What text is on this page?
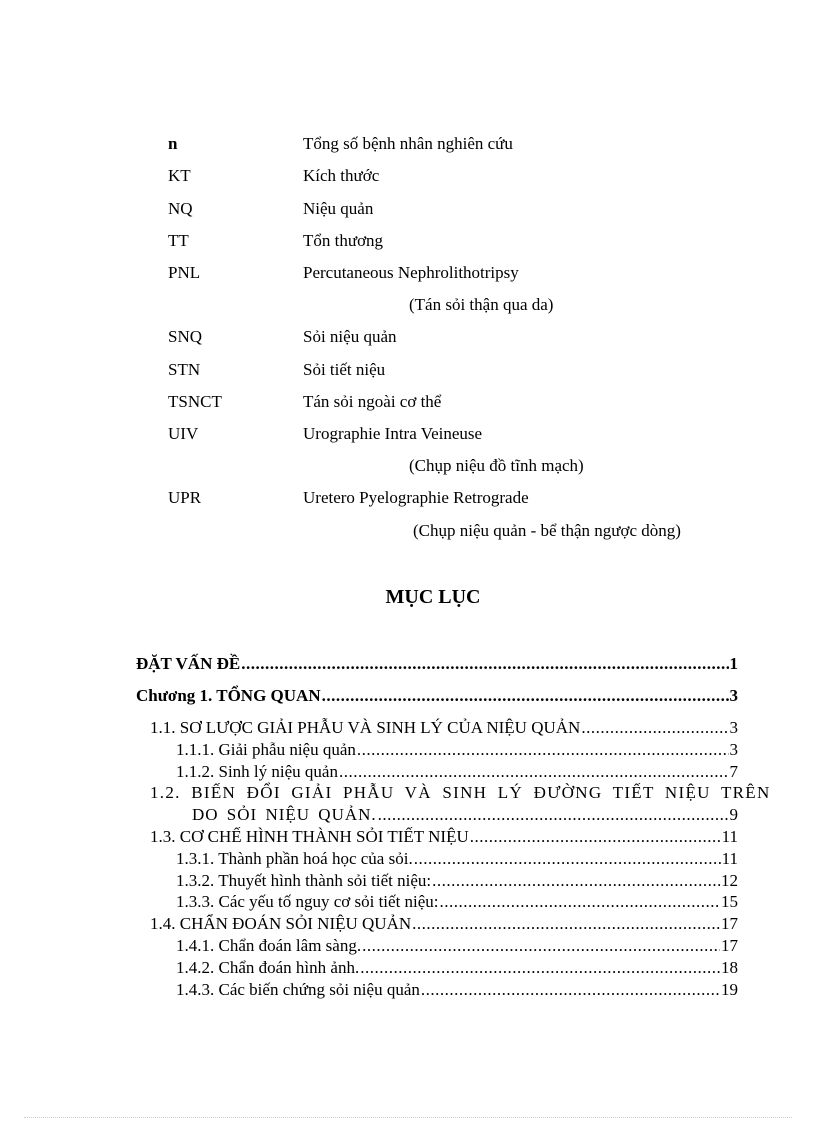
n	Tổng số bệnh nhân nghiên cứu
KT	Kích thước
NQ	Niệu quản
TT	Tổn thương
PNL	Percutaneous Nephrolithotripsy
(Tán sỏi thận qua da)
SNQ	Sỏi niệu quản
STN	Sỏi tiết niệu
TSNCT	Tán sỏi ngoài cơ thể
UIV	Urographie Intra Veineuse
(Chụp niệu đồ tĩnh mạch)
UPR	Uretero Pyelographie Retrograde
(Chụp niệu quản - bể thận ngược dòng)
MỤC LỤC
ĐẶT VẤN ĐỀ .....	1
Chương 1. TỔNG QUAN .....	3
1.1. SƠ LƯỢC GIẢI PHẪU VÀ SINH LÝ CỦA NIỆU QUẢN .....	3
1.1.1. Giải phẫu niệu quản .....	3
1.1.2. Sinh lý niệu quản .....	7
1.2. BIẾN ĐỔI GIẢI PHẪU VÀ SINH LÝ ĐƯỜNG TIẾT NIỆU TRÊN
DO SỎI NIỆU QUẢN. .....	9
1.3. CƠ CHẾ HÌNH THÀNH SỎI TIẾT NIỆU .....	11
1.3.1. Thành phần hoá học của sỏi. .....	11
1.3.2. Thuyết hình thành sỏi tiết niệu: .....	12
1.3.3. Các yếu tố nguy cơ sỏi tiết niệu: .....	15
1.4. CHẨN ĐOÁN SỎI NIỆU QUẢN .....	17
1.4.1. Chẩn đoán lâm sàng. .....	17
1.4.2. Chẩn đoán hình ảnh. .....	18
1.4.3. Các biến chứng sỏi niệu quản .....	19
